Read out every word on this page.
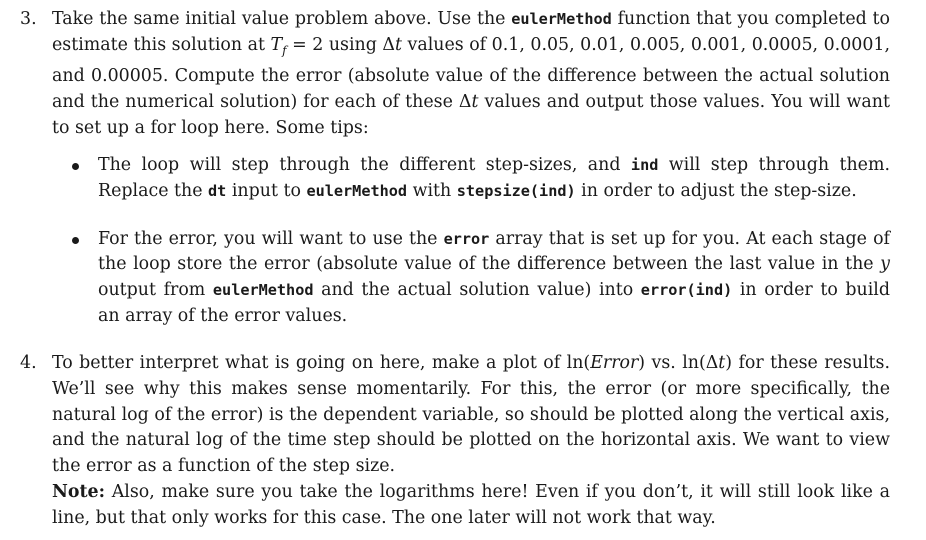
3. Take the same initial value problem above. Use the eulerMethod function that you completed to estimate this solution at $T_f = 2$ using Δt values of 0.1, 0.05, 0.01, 0.005, 0.001, 0.0005, 0.0001, and 0.00005. Compute the error (absolute value of the difference between the actual solution and the numerical solution) for each of these Δt values and output those values. You will want to set up a for loop here. Some tips:
The loop will step through the different step-sizes, and ind will step through them. Replace the dt input to eulerMethod with stepsize(ind) in order to adjust the step-size.
For the error, you will want to use the error array that is set up for you. At each stage of the loop store the error (absolute value of the difference between the last value in the y output from eulerMethod and the actual solution value) into error(ind) in order to build an array of the error values.
4. To better interpret what is going on here, make a plot of ln(Error) vs. ln(Δt) for these results. We’ll see why this makes sense momentarily. For this, the error (or more specifically, the natural log of the error) is the dependent variable, so should be plotted along the vertical axis, and the natural log of the time step should be plotted on the horizontal axis. We want to view the error as a function of the step size.
Note: Also, make sure you take the logarithms here! Even if you don’t, it will still look like a line, but that only works for this case. The one later will not work that way.
